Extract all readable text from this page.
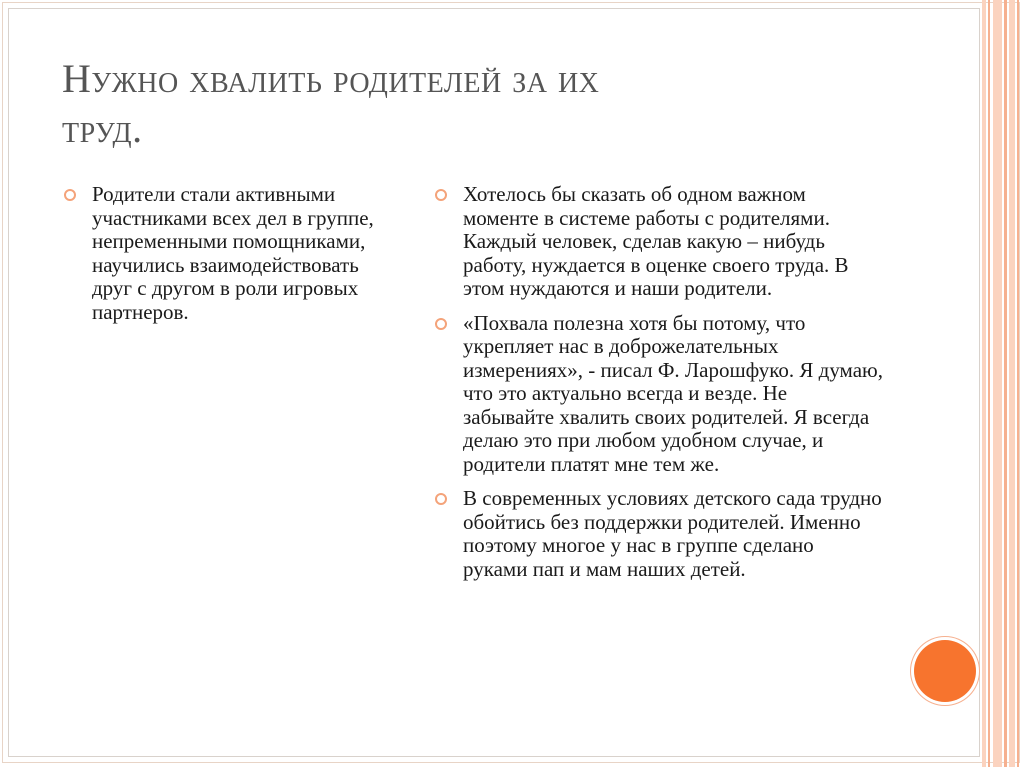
Нужно хвалить родителей за их
труд.
Родители стали активными участниками всех дел в группе, непременными помощниками, научились взаимодействовать друг с другом в роли игровых партнеров.
Хотелось бы сказать об одном важном моменте в системе работы с родителями. Каждый человек, сделав какую – нибудь работу, нуждается в оценке своего труда. В этом нуждаются и наши родители.
«Похвала полезна хотя бы потому, что укрепляет нас в доброжелательных измерениях», - писал Ф. Ларошфуко. Я думаю, что это актуально всегда и везде. Не забывайте хвалить своих родителей. Я всегда делаю это при любом удобном случае, и родители платят мне тем же.
В современных условиях детского сада трудно обойтись без поддержки родителей. Именно поэтому многое у нас в группе сделано руками пап и мам наших детей.
